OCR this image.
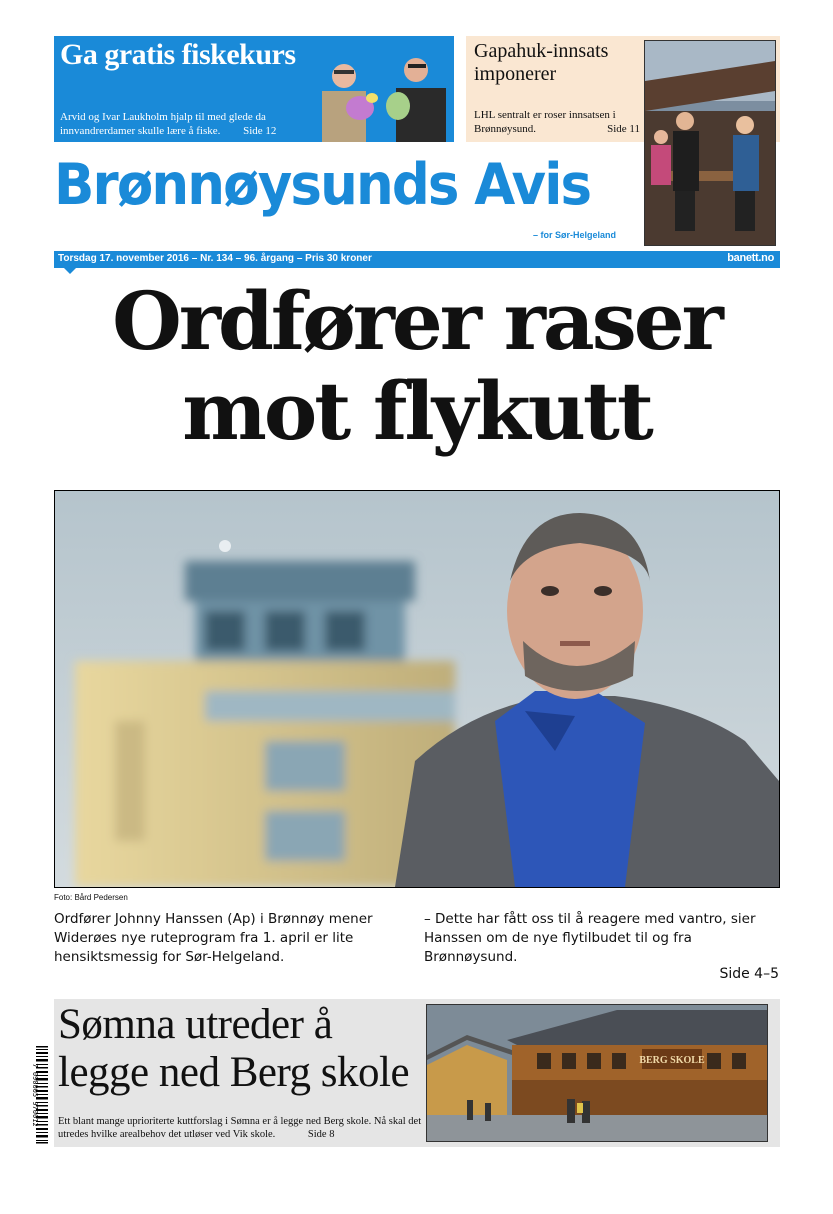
Ga gratis fiskekurs
Arvid og Ivar Laukholm hjalp til med glede da innvandrerdamer skulle lære å fiske. Side 12
Gapahuk-innsats imponerer
LHL sentralt er roser innsatsen i Brønnøysund.	Side 11
Brønnøysunds Avis
– for Sør-Helgeland
Torsdag 17. november 2016 – Nr. 134 – 96. årgang – Pris 30 kroner	banett.no
Ordfører raser
mot flykutt
Foto: Bård Pedersen
Ordfører Johnny Hanssen (Ap) i Brønnøy mener Widerøes nye ruteprogram fra 1. april er lite hensiktsmessig for Sør-Helgeland.
– Dette har fått oss til å reagere med vantro, sier Hanssen om de nye flytilbudet til og fra Brønnøysund.
Side 4–5
Sømna utreder å legge ned Berg skole
Ett blant mange uprioriterte kuttforslag i Sømna er å legge ned Berg skole. Nå skal det utredes hvilke arealbehov det utløser ved Vik skole.	Side 8
BERG SKOLE
7 090005 970012
